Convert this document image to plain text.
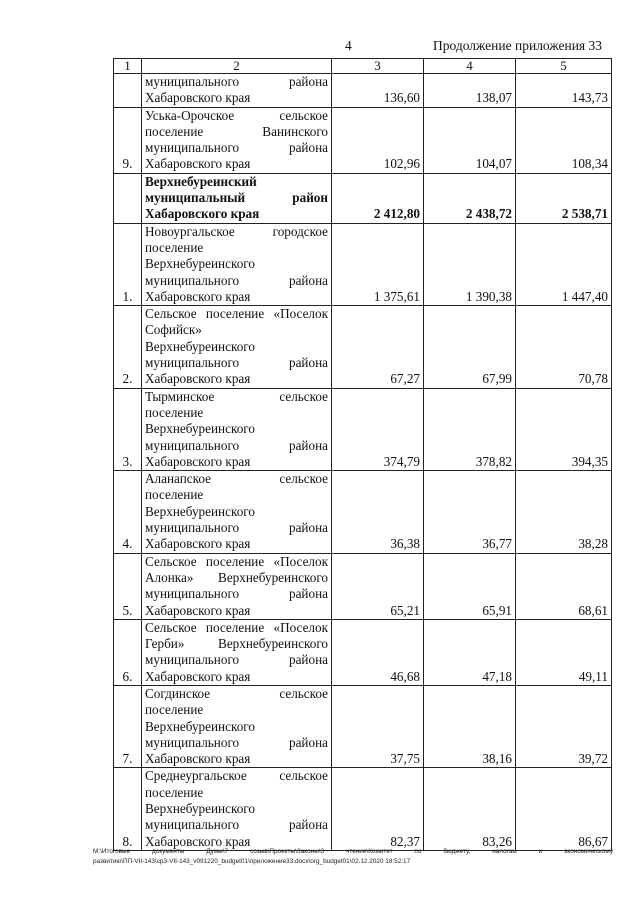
4	Продолжение приложения 33
1	2	3	4	5

	муниципального района
Хабаровского края	136,60	138,07	143,73
9.	Уська-Орочское сельское
поселение Ванинского
муниципального района
Хабаровского края	102,96	104,07	108,34

	Верхнебуреинский
муниципальный район
Хабаровского края	2 412,80	2 438,72	2 538,71
1.	Новоургальское городское
поселение
Верхнебуреинского
муниципального района
Хабаровского края	1 375,61	1 390,38	1 447,40
2.	Сельское поселение «Поселок
Софийск»
Верхнебуреинского
муниципального района
Хабаровского края	67,27	67,99	70,78
3.	Тырминское сельское
поселение
Верхнебуреинского
муниципального района
Хабаровского края	374,79	378,82	394,35
4.	Аланапское сельское
поселение
Верхнебуреинского
муниципального района
Хабаровского края	36,38	36,77	38,28
5.	Сельское поселение «Поселок
Алонка» Верхнебуреинского
муниципального района
Хабаровского края	65,21	65,91	68,61
6.	Сельское поселение «Поселок
Герби» Верхнебуреинского
муниципального района
Хабаровского края	46,68	47,18	49,11
7.	Согдинское сельское
поселение
Верхнебуреинского
муниципального района
Хабаровского края	37,75	38,16	39,72
8.	Среднеургальское сельское
поселение
Верхнебуреинского
муниципального района
Хабаровского края	82,37	83,26	86,67
M:\Итоговые документы Думы\7 созыв\Проекты\Законы\3 чтение\Комитет по бюджету, налогам и экономическому
развитию\ПП-VII-143\ср3-VII-143_v091220_budget01\приложение33.docx\org_budget01\02.12.2020 18:52:17
